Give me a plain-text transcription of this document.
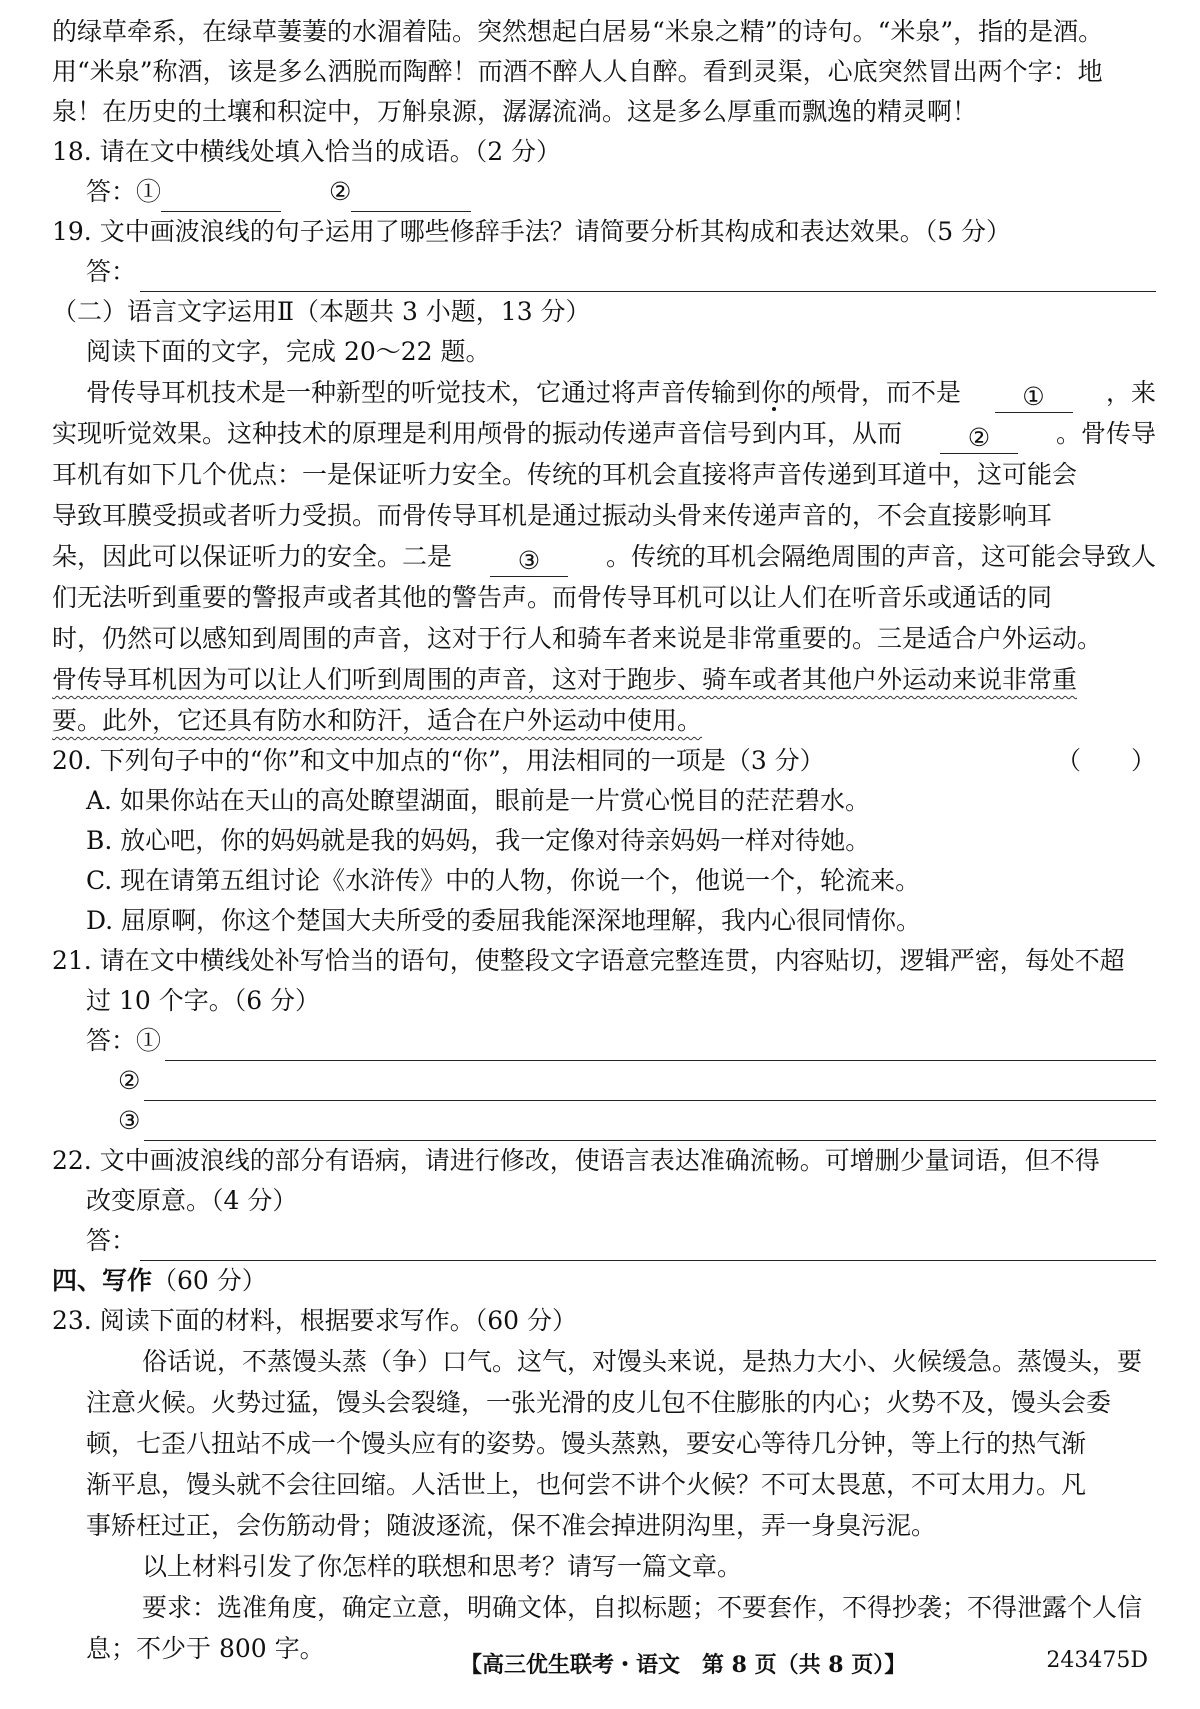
的绿草牵系，在绿草萋萋的水湄着陆。突然想起白居易“米泉之精”的诗句。“米泉”，指的是酒。
用“米泉”称酒，该是多么洒脱而陶醉！而酒不醉人人自醉。看到灵渠，心底突然冒出两个字：地
泉！在历史的土壤和积淀中，万斛泉源，潺潺流淌。这是多么厚重而飘逸的精灵啊！
18. 请在文中横线处填入恰当的成语。（2 分）
答：①	②
19. 文中画波浪线的句子运用了哪些修辞手法？请简要分析其构成和表达效果。（5 分）
答：
（二）语言文字运用Ⅱ（本题共 3 小题，13 分）
阅读下面的文字，完成 20～22 题。
骨传导耳机技术是一种新型的听觉技术，它通过将声音传输到你的颅骨，而不是	①	，来
实现听觉效果。这种技术的原理是利用颅骨的振动传递声音信号到内耳，从而	②	。骨传导
耳机有如下几个优点：一是保证听力安全。传统的耳机会直接将声音传递到耳道中，这可能会
导致耳膜受损或者听力受损。而骨传导耳机是通过振动头骨来传递声音的，不会直接影响耳
朵，因此可以保证听力的安全。二是	③	。传统的耳机会隔绝周围的声音，这可能会导致人
们无法听到重要的警报声或者其他的警告声。而骨传导耳机可以让人们在听音乐或通话的同
时，仍然可以感知到周围的声音，这对于行人和骑车者来说是非常重要的。三是适合户外运动。
骨传导耳机因为可以让人们听到周围的声音，这对于跑步、骑车或者其他户外运动来说非常重
要。此外，它还具有防水和防汗，适合在户外运动中使用。
20. 下列句子中的“你”和文中加点的“你”，用法相同的一项是（3 分）	（　　）
A. 如果你站在天山的高处瞭望湖面，眼前是一片赏心悦目的茫茫碧水。
B. 放心吧，你的妈妈就是我的妈妈，我一定像对待亲妈妈一样对待她。
C. 现在请第五组讨论《水浒传》中的人物，你说一个，他说一个，轮流来。
D. 屈原啊，你这个楚国大夫所受的委屈我能深深地理解，我内心很同情你。
21. 请在文中横线处补写恰当的语句，使整段文字语意完整连贯，内容贴切，逻辑严密，每处不超
过 10 个字。（6 分）
答：①
②
③
22. 文中画波浪线的部分有语病，请进行修改，使语言表达准确流畅。可增删少量词语，但不得
改变原意。（4 分）
答：
四、写作 （60 分）
23. 阅读下面的材料，根据要求写作。（60 分）
俗话说，不蒸馒头蒸（争）口气。这气，对馒头来说，是热力大小、火候缓急。蒸馒头，要
注意火候。火势过猛，馒头会裂缝，一张光滑的皮儿包不住膨胀的内心；火势不及，馒头会委
顿，七歪八扭站不成一个馒头应有的姿势。馒头蒸熟，要安心等待几分钟，等上行的热气渐
渐平息，馒头就不会往回缩。人活世上，也何尝不讲个火候？不可太畏葸，不可太用力。凡
事矫枉过正，会伤筋动骨；随波逐流，保不准会掉进阴沟里，弄一身臭污泥。
以上材料引发了你怎样的联想和思考？请写一篇文章。
要求：选准角度，确定立意，明确文体，自拟标题；不要套作，不得抄袭；不得泄露个人信
息；不少于 800 字。
【高三优生联考・语文　第 8 页（共 8 页）】	243475D
